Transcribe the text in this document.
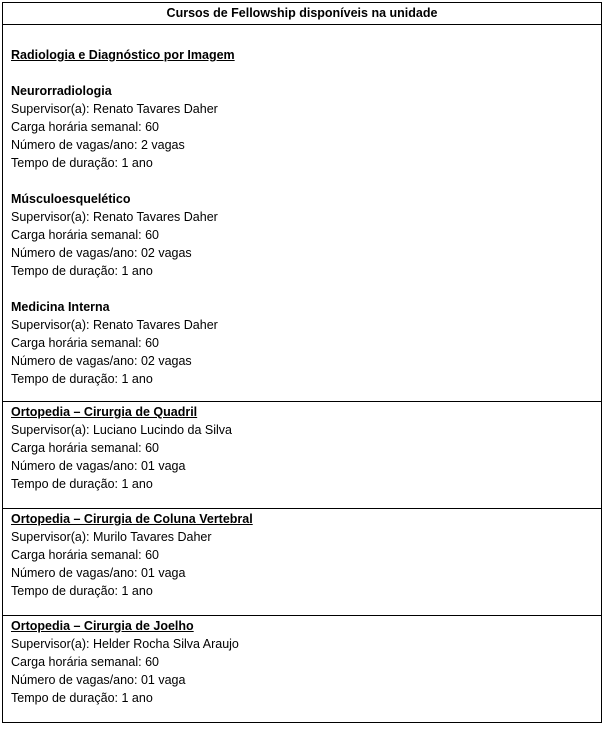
Cursos de Fellowship disponíveis na unidade

Radiologia e Diagnóstico por Imagem
Neurorradiologia
Supervisor(a): Renato Tavares Daher
Carga horária semanal: 60
Número de vagas/ano: 2 vagas
Tempo de duração: 1 ano
Músculoesquelético
Supervisor(a): Renato Tavares Daher
Carga horária semanal: 60
Número de vagas/ano: 02 vagas
Tempo de duração: 1 ano
Medicina Interna
Supervisor(a): Renato Tavares Daher
Carga horária semanal: 60
Número de vagas/ano: 02 vagas
Tempo de duração: 1 ano

Ortopedia – Cirurgia de Quadril
Supervisor(a): Luciano Lucindo da Silva
Carga horária semanal: 60
Número de vagas/ano: 01 vaga
Tempo de duração: 1 ano

Ortopedia – Cirurgia de Coluna Vertebral
Supervisor(a): Murilo Tavares Daher
Carga horária semanal: 60
Número de vagas/ano: 01 vaga
Tempo de duração: 1 ano

Ortopedia – Cirurgia de Joelho
Supervisor(a): Helder Rocha Silva Araujo
Carga horária semanal: 60
Número de vagas/ano: 01 vaga
Tempo de duração: 1 ano
